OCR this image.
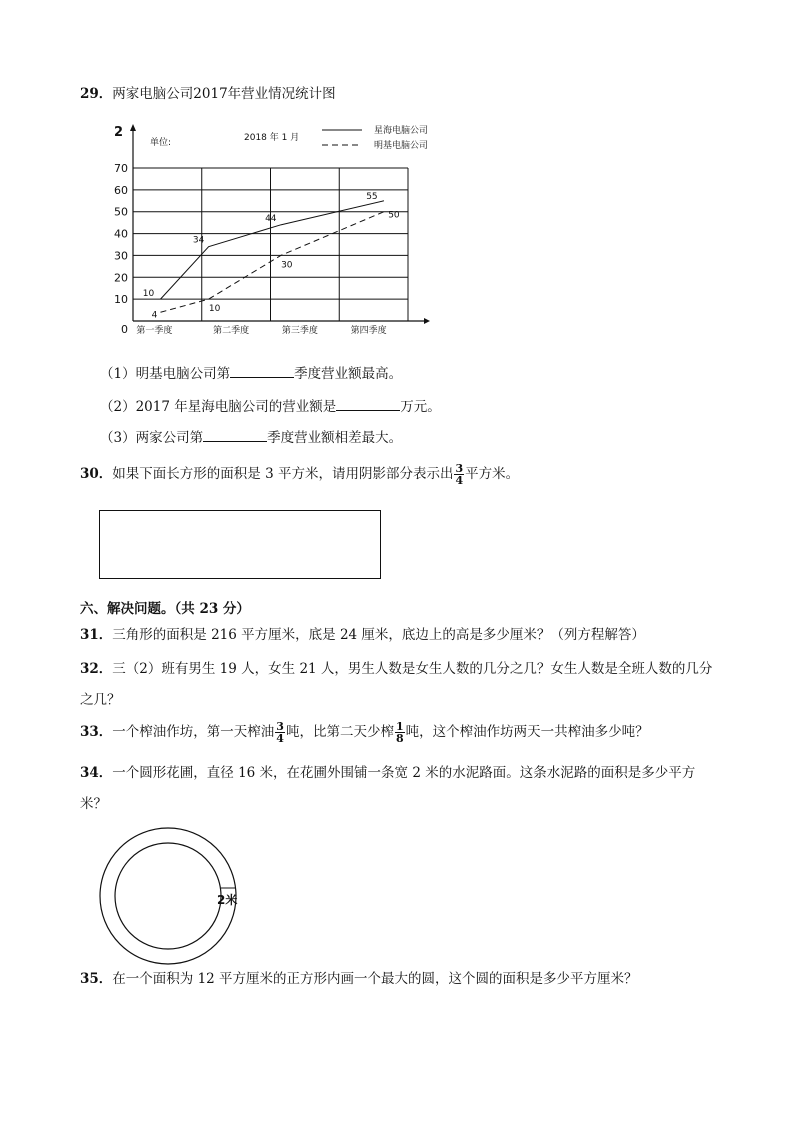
29．两家电脑公司2017年营业情况统计图
10
34
44
55
4
10
30
50
0
10
20
30
40
50
60
70
2
单位:	2018 年 1 月
星海电脑公司
明基电脑公司
第一季度	第二季度	第三季度	第四季度
（1）明基电脑公司第	季度营业额最高。
（2）2017 年星海电脑公司的营业额是	万元。
（3）两家公司第	季度营业额相差最大。
30．如果下面长方形的面积是 3 平方米，请用阴影部分表示出 $\frac{3}{4}$ 平方米。
六、解决问题。（共 23 分）
31．三角形的面积是 216 平方厘米，底是 24 厘米，底边上的高是多少厘米？（列方程解答）
32．三（2）班有男生 19 人，女生 21 人，男生人数是女生人数的几分之几？女生人数是全班人数的几分
之几？
33．一个榨油作坊，第一天榨油 $\frac{3}{4}$ 吨，比第二天少榨 $\frac{1}{8}$ 吨，这个榨油作坊两天一共榨油多少吨？
34．一个圆形花圃，直径 16 米，在花圃外围铺一条宽 2 米的水泥路面。这条水泥路的面积是多少平方
米？
2米
35．在一个面积为 12 平方厘米的正方形内画一个最大的圆，这个圆的面积是多少平方厘米？
